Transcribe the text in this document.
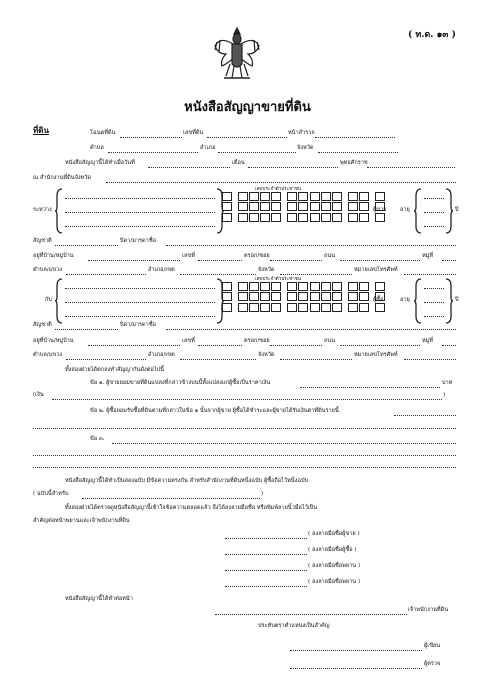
( ท.ด. ๑๓ )
หนังสือสัญญาขายที่ดิน
ที่ดิน	โฉนดที่ดิน	เลขที่ดิน	หน้าสำรวจ
ตำบล	อำเภอ	จังหวัด
หนังสือสัญญานี้ได้ทำเมื่อวันที่	เดือน	พุทธศักราช
ณ สำนักงานที่ดินจังหวัด
ระหว่าง
เลขประจำตัวประชาชน
ผู้ขาย อายุ	ปี
สัญชาติ	บิดา/มารดาชื่อ
อยู่ที่บ้าน/หมู่บ้าน	เลขที่	ตรอก/ซอย	ถนน	หมู่ที่
ตำบล/แขวง	อำเภอ/เขต	จังหวัด	หมายเลขโทรศัพท์
กับ
เลขประจำตัวประชาชน
ผู้ซื้อ	อายุ	ปี
สัญชาติ	บิดา/มารดาชื่อ
อยู่ที่บ้าน/หมู่บ้าน	เลขที่	ตรอก/ซอย	ถนน	หมู่ที่
ตำบล/แขวง	อำเภอ/เขต	จังหวัด	หมายเลขโทรศัพท์
ทั้งสองฝ่ายได้ตกลงทำสัญญากันดังต่อไปนี้
ข้อ ๑. ผู้ขายยอมขายที่ดินแปลงที่กล่าวข้างบนนี้ทั้งแปลงแก่ผู้ซื้อเป็นราคาเงิน	บาท
(เงิน	)
ข้อ ๒. ผู้ซื้อยอมรับซื้อที่ดินตามที่กล่าวในข้อ ๑ นั้นจากผู้ขาย ผู้ซื้อได้ชำระและผู้ขายได้รับเงินค่าที่ดินรายนี้
ข้อ ๓.
หนังสือสัญญานี้ได้ทำเป็นสองฉบับ มีข้อความตรงกัน สำหรับสำนักงานที่ดินหนึ่งฉบับ ผู้ซื้อถือไว้หนึ่งฉบับ
( ฉบับนี้สำหรับ	)
ทั้งสองฝ่ายได้ตรวจดูหนังสือสัญญานี้เข้าใจข้อความตลอดแล้ว จึงได้ลงลายมือชื่อ หรือพิมพ์ลายนิ้วมือไว้เป็น
สำคัญต่อหน้าพยานและเจ้าพนักงานที่ดิน
( ลงลายมือชื่อผู้ขาย )
( ลงลายมือชื่อผู้ซื้อ )
( ลงลายมือชื่อพยาน )
( ลงลายมือชื่อพยาน )
หนังสือสัญญานี้ได้ทำต่อหน้า
เจ้าพนักงานที่ดิน
ประทับตราตำแหน่งเป็นสำคัญ
ผู้เขียน
ผู้ตรวจ
